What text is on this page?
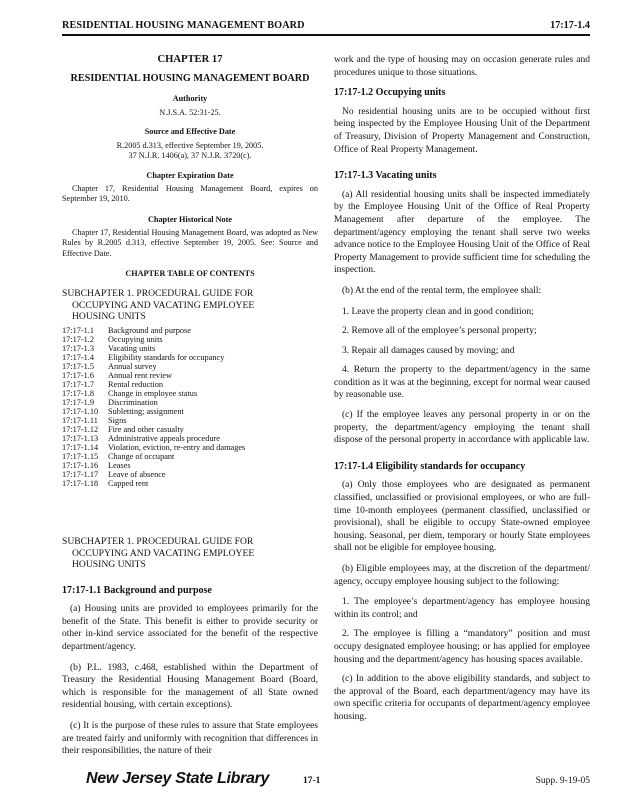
RESIDENTIAL HOUSING MANAGEMENT BOARD	17:17-1.4
CHAPTER 17
RESIDENTIAL HOUSING MANAGEMENT BOARD
Authority
N.J.S.A. 52:31-25.
Source and Effective Date
R.2005 d.313, effective September 19, 2005.
37 N.J.R. 1406(a), 37 N.J.R. 3720(c).
Chapter Expiration Date
Chapter 17, Residential Housing Management Board, expires on September 19, 2010.
Chapter Historical Note
Chapter 17, Residential Housing Management Board, was adopted as New Rules by R.2005 d.313, effective September 19, 2005. See: Source and Effective Date.
CHAPTER TABLE OF CONTENTS
SUBCHAPTER 1. PROCEDURAL GUIDE FOR
OCCUPYING AND VACATING EMPLOYEE
HOUSING UNITS
17:17-1.1 Background and purpose
17:17-1.2 Occupying units
17:17-1.3 Vacating units
17:17-1.4 Eligibility standards for occupancy
17:17-1.5 Annual survey
17:17-1.6 Annual rent review
17:17-1.7 Rental reduction
17:17-1.8 Change in employee status
17:17-1.9 Discrimination
17:17-1.10 Subletting; assignment
17:17-1.11 Signs
17:17-1.12 Fire and other casualty
17:17-1.13 Administrative appeals procedure
17:17-1.14 Violation, eviction, re-entry and damages
17:17-1.15 Change of occupant
17:17-1.16 Leases
17:17-1.17 Leave of absence
17:17-1.18 Capped rent
SUBCHAPTER 1. PROCEDURAL GUIDE FOR
OCCUPYING AND VACATING EMPLOYEE
HOUSING UNITS
17:17-1.1 Background and purpose
(a) Housing units are provided to employees primarily for the benefit of the State. This benefit is either to provide security or other in-kind service associated for the benefit of the respective department/agency.
(b) P.L. 1983, c.468, established within the Department of Treasury the Residential Housing Management Board (Board, which is responsible for the management of all State owned residential housing, with certain exceptions).
(c) It is the purpose of these rules to assure that State employees are treated fairly and uniformly with recognition that differences in their responsibilities, the nature of their
work and the type of housing may on occasion generate rules and procedures unique to those situations.
17:17-1.2 Occupying units
No residential housing units are to be occupied without first being inspected by the Employee Housing Unit of the Department of Treasury, Division of Property Management and Construction, Office of Real Property Management.
17:17-1.3 Vacating units
(a) All residential housing units shall be inspected immediately by the Employee Housing Unit of the Office of Real Property Management after departure of the employee. The department/agency employing the tenant shall serve two weeks advance notice to the Employee Housing Unit of the Office of Real Property Management to provide sufficient time for scheduling the inspection.
(b) At the end of the rental term, the employee shall:
1. Leave the property clean and in good condition;
2. Remove all of the employee’s personal property;
3. Repair all damages caused by moving; and
4. Return the property to the department/agency in the same condition as it was at the beginning, except for normal wear caused by reasonable use.
(c) If the employee leaves any personal property in or on the property, the department/agency employing the tenant shall dispose of the personal property in accordance with applicable law.
17:17-1.4 Eligibility standards for occupancy
(a) Only those employees who are designated as permanent classified, unclassified or provisional employees, or who are full-time 10-month employees (permanent classified, unclassified or provisional), shall be eligible to occupy State-owned employee housing. Seasonal, per diem, temporary or hourly State employees shall not be eligible for employee housing.
(b) Eligible employees may, at the discretion of the department/ agency, occupy employee housing subject to the following:
1. The employee’s department/agency has employee housing within its control; and
2. The employee is filling a “mandatory” position and must occupy designated employee housing; or has applied for employee housing and the department/agency has housing spaces available.
(c) In addition to the above eligibility standards, and subject to the approval of the Board, each department/agency may have its own specific criteria for occupants of department/agency employee housing.
New Jersey State Library	17-1	Supp. 9-19-05
